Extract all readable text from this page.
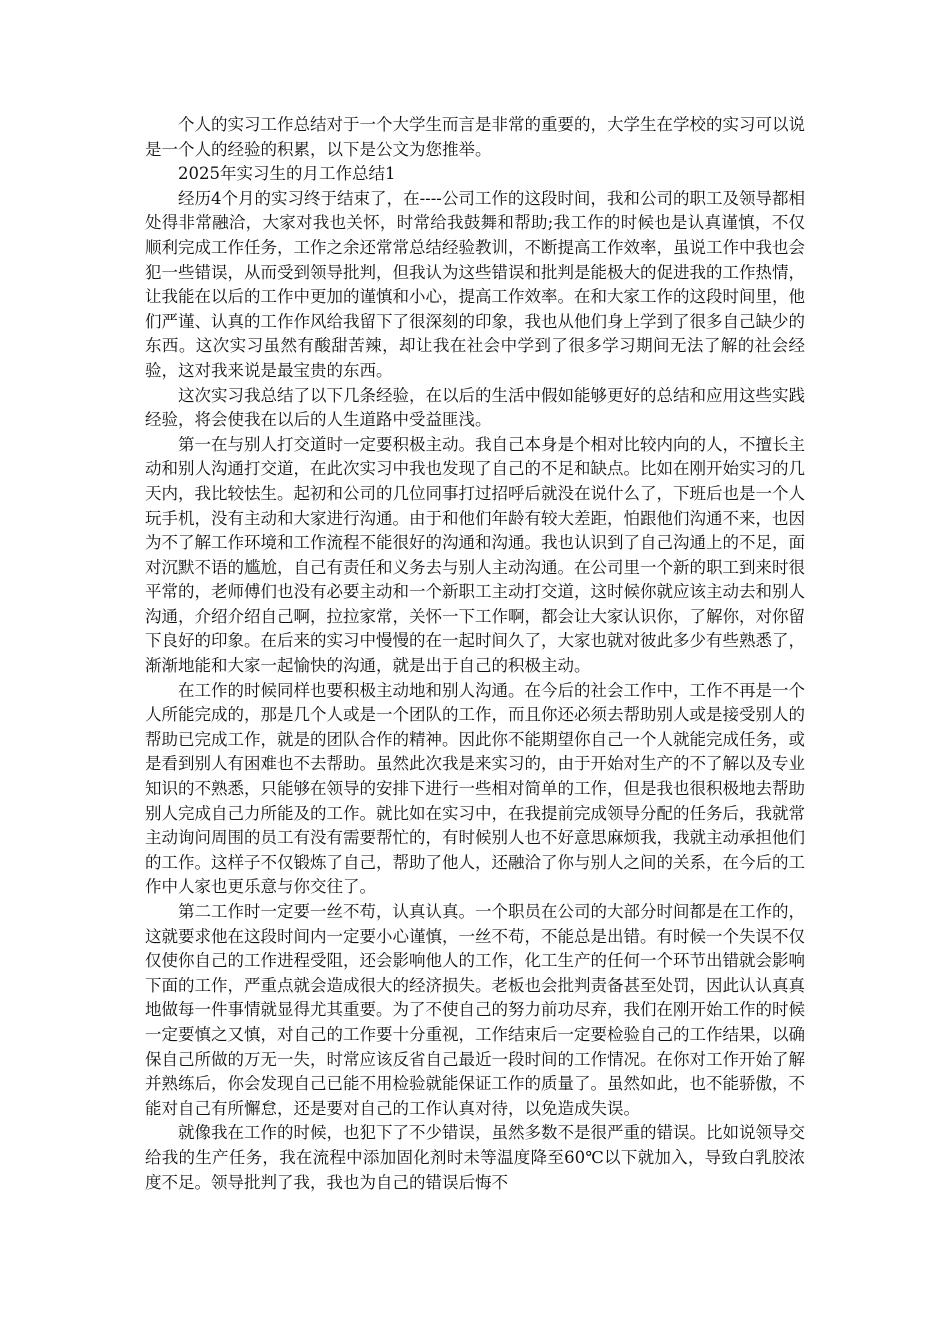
个人的实习工作总结对于一个大学生而言是非常的重要的，大学生在学校的实习可以说是一个人的经验的积累，以下是公文为您推举。

2025年实习生的月工作总结1

经历4个月的实习终于结束了，在----公司工作的这段时间，我和公司的职工及领导都相处得非常融洽，大家对我也关怀，时常给我鼓舞和帮助;我工作的时候也是认真谨慎，不仅顺利完成工作任务，工作之余还常常总结经验教训，不断提高工作效率，虽说工作中我也会犯一些错误，从而受到领导批判，但我认为这些错误和批判是能极大的促进我的工作热情，让我能在以后的工作中更加的谨慎和小心，提高工作效率。在和大家工作的这段时间里，他们严谨、认真的工作作风给我留下了很深刻的印象，我也从他们身上学到了很多自己缺少的东西。这次实习虽然有酸甜苦辣，却让我在社会中学到了很多学习期间无法了解的社会经验，这对我来说是最宝贵的东西。

这次实习我总结了以下几条经验，在以后的生活中假如能够更好的总结和应用这些实践经验，将会使我在以后的人生道路中受益匪浅。

第一在与别人打交道时一定要积极主动。我自己本身是个相对比较内向的人，不擅长主动和别人沟通打交道，在此次实习中我也发现了自己的不足和缺点。比如在刚开始实习的几天内，我比较怯生。起初和公司的几位同事打过招呼后就没在说什么了，下班后也是一个人玩手机，没有主动和大家进行沟通。由于和他们年龄有较大差距，怕跟他们沟通不来，也因为不了解工作环境和工作流程不能很好的沟通和沟通。我也认识到了自己沟通上的不足，面对沉默不语的尴尬，自己有责任和义务去与别人主动沟通。在公司里一个新的职工到来时很平常的，老师傅们也没有必要主动和一个新职工主动打交道，这时候你就应该主动去和别人沟通，介绍介绍自己啊，拉拉家常，关怀一下工作啊，都会让大家认识你，了解你，对你留下良好的印象。在后来的实习中慢慢的在一起时间久了，大家也就对彼此多少有些熟悉了，渐渐地能和大家一起愉快的沟通，就是出于自己的积极主动。

在工作的时候同样也要积极主动地和别人沟通。在今后的社会工作中，工作不再是一个人所能完成的，那是几个人或是一个团队的工作，而且你还必须去帮助别人或是接受别人的帮助已完成工作，就是的团队合作的精神。因此你不能期望你自己一个人就能完成任务，或是看到别人有困难也不去帮助。虽然此次我是来实习的，由于开始对生产的不了解以及专业知识的不熟悉，只能够在领导的安排下进行一些相对简单的工作，但是我也很积极地去帮助别人完成自己力所能及的工作。就比如在实习中，在我提前完成领导分配的任务后，我就常主动询问周围的员工有没有需要帮忙的，有时候别人也不好意思麻烦我，我就主动承担他们的工作。这样子不仅锻炼了自己，帮助了他人，还融洽了你与别人之间的关系，在今后的工作中人家也更乐意与你交往了。

第二工作时一定要一丝不苟，认真认真。一个职员在公司的大部分时间都是在工作的，这就要求他在这段时间内一定要小心谨慎，一丝不苟，不能总是出错。有时候一个失误不仅仅使你自己的工作进程受阻，还会影响他人的工作，化工生产的任何一个环节出错就会影响下面的工作，严重点就会造成很大的经济损失。老板也会批判责备甚至处罚，因此认认真真地做每一件事情就显得尤其重要。为了不使自己的努力前功尽弃，我们在刚开始工作的时候一定要慎之又慎，对自己的工作要十分重视，工作结束后一定要检验自己的工作结果，以确保自己所做的万无一失，时常应该反省自己最近一段时间的工作情况。在你对工作开始了解并熟练后，你会发现自己已能不用检验就能保证工作的质量了。虽然如此，也不能骄傲，不能对自己有所懈怠，还是要对自己的工作认真对待，以免造成失误。

就像我在工作的时候，也犯下了不少错误，虽然多数不是很严重的错误。比如说领导交给我的生产任务，我在流程中添加固化剂时未等温度降至60℃以下就加入，导致白乳胶浓度不足。领导批判了我，我也为自己的错误后悔不
